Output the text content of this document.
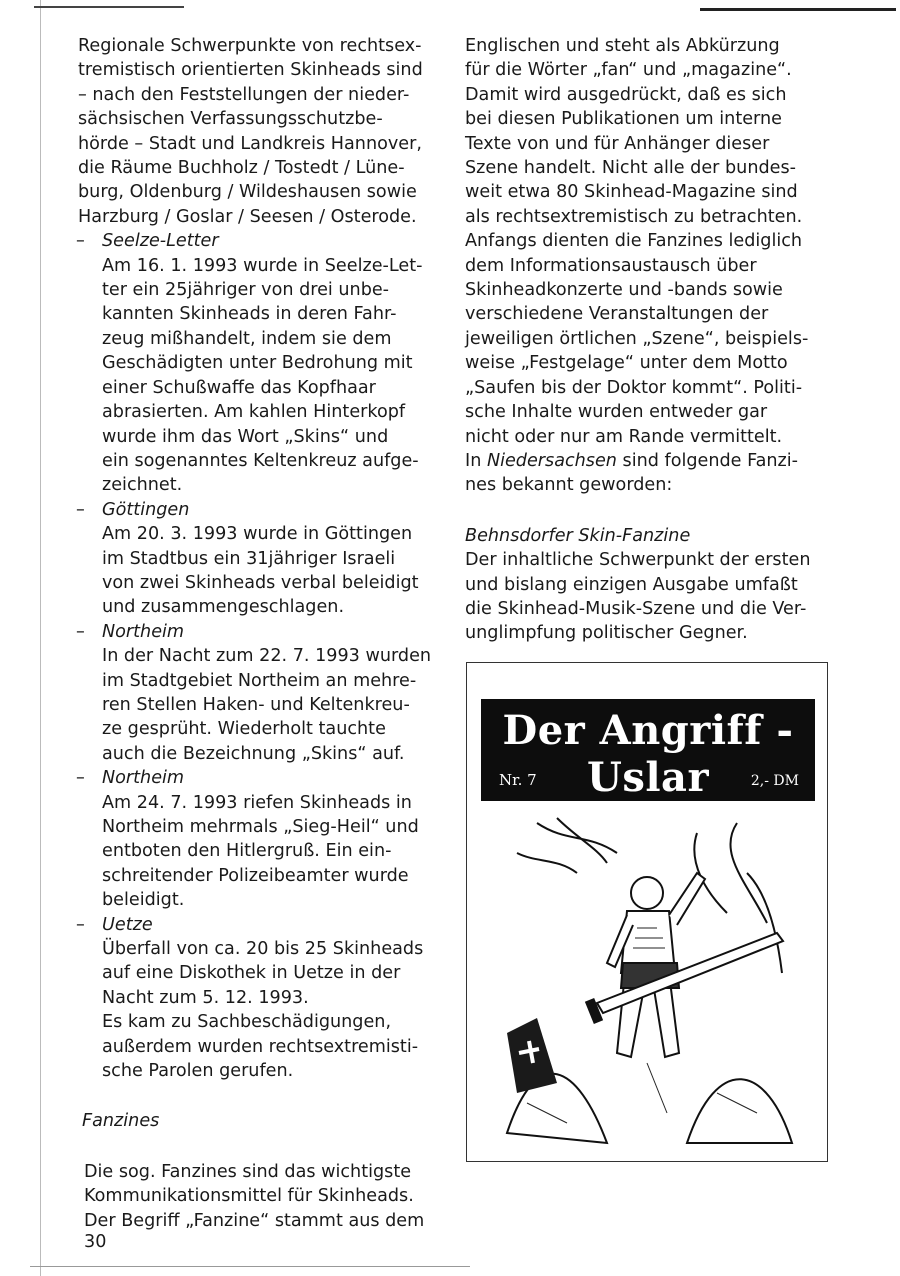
Regionale Schwerpunkte von rechtsex-
tremistisch orientierten Skinheads sind
– nach den Feststellungen der nieder-
sächsischen Verfassungsschutzbe-
hörde – Stadt und Landkreis Hannover,
die Räume Buchholz / Tostedt / Lüne-
burg, Oldenburg / Wildeshausen sowie
Harzburg / Goslar / Seesen / Osterode.

– Seelze-Letter
Am 16. 1. 1993 wurde in Seelze-Let-
ter ein 25jähriger von drei unbe-
kannten Skinheads in deren Fahr-
zeug mißhandelt, indem sie dem
Geschädigten unter Bedrohung mit
einer Schußwaffe das Kopfhaar
abrasierten. Am kahlen Hinterkopf
wurde ihm das Wort „Skins“ und
ein sogenanntes Keltenkreuz aufge-
zeichnet.
– Göttingen
Am 20. 3. 1993 wurde in Göttingen
im Stadtbus ein 31jähriger Israeli
von zwei Skinheads verbal beleidigt
und zusammengeschlagen.
– Northeim
In der Nacht zum 22. 7. 1993 wurden
im Stadtgebiet Northeim an mehre-
ren Stellen Haken- und Keltenkreu-
ze gesprüht. Wiederholt tauchte
auch die Bezeichnung „Skins“ auf.
– Northeim
Am 24. 7. 1993 riefen Skinheads in
Northeim mehrmals „Sieg-Heil“ und
entboten den Hitlergruß. Ein ein-
schreitender Polizeibeamter wurde
beleidigt.
– Uetze
Überfall von ca. 20 bis 25 Skinheads
auf eine Diskothek in Uetze in der
Nacht zum 5. 12. 1993.
Es kam zu Sachbeschädigungen,
außerdem wurden rechtsextremisti-
sche Parolen gerufen.
Fanzines

Die sog. Fanzines sind das wichtigste
Kommunikationsmittel für Skinheads.
Der Begriff „Fanzine“ stammt aus dem

Englischen und steht als Abkürzung
für die Wörter „fan“ und „magazine“.
Damit wird ausgedrückt, daß es sich
bei diesen Publikationen um interne
Texte von und für Anhänger dieser
Szene handelt. Nicht alle der bundes-
weit etwa 80 Skinhead-Magazine sind
als rechtsextremistisch zu betrachten.
Anfangs dienten die Fanzines lediglich
dem Informationsaustausch über
Skinheadkonzerte und -bands sowie
verschiedene Veranstaltungen der
jeweiligen örtlichen „Szene“, beispiels-
weise „Festgelage“ unter dem Motto
„Saufen bis der Doktor kommt“. Politi-
sche Inhalte wurden entweder gar
nicht oder nur am Rande vermittelt.
In Niedersachsen sind folgende Fanzi-
nes bekannt geworden:

Behnsdorfer Skin-Fanzine
Der inhaltliche Schwerpunkt der ersten
und bislang einzigen Ausgabe umfaßt
die Skinhead-Musik-Szene und die Ver-
unglimpfung politischer Gegner.

Der Angriff - Uslar
Nr. 7	2,- DM
30
